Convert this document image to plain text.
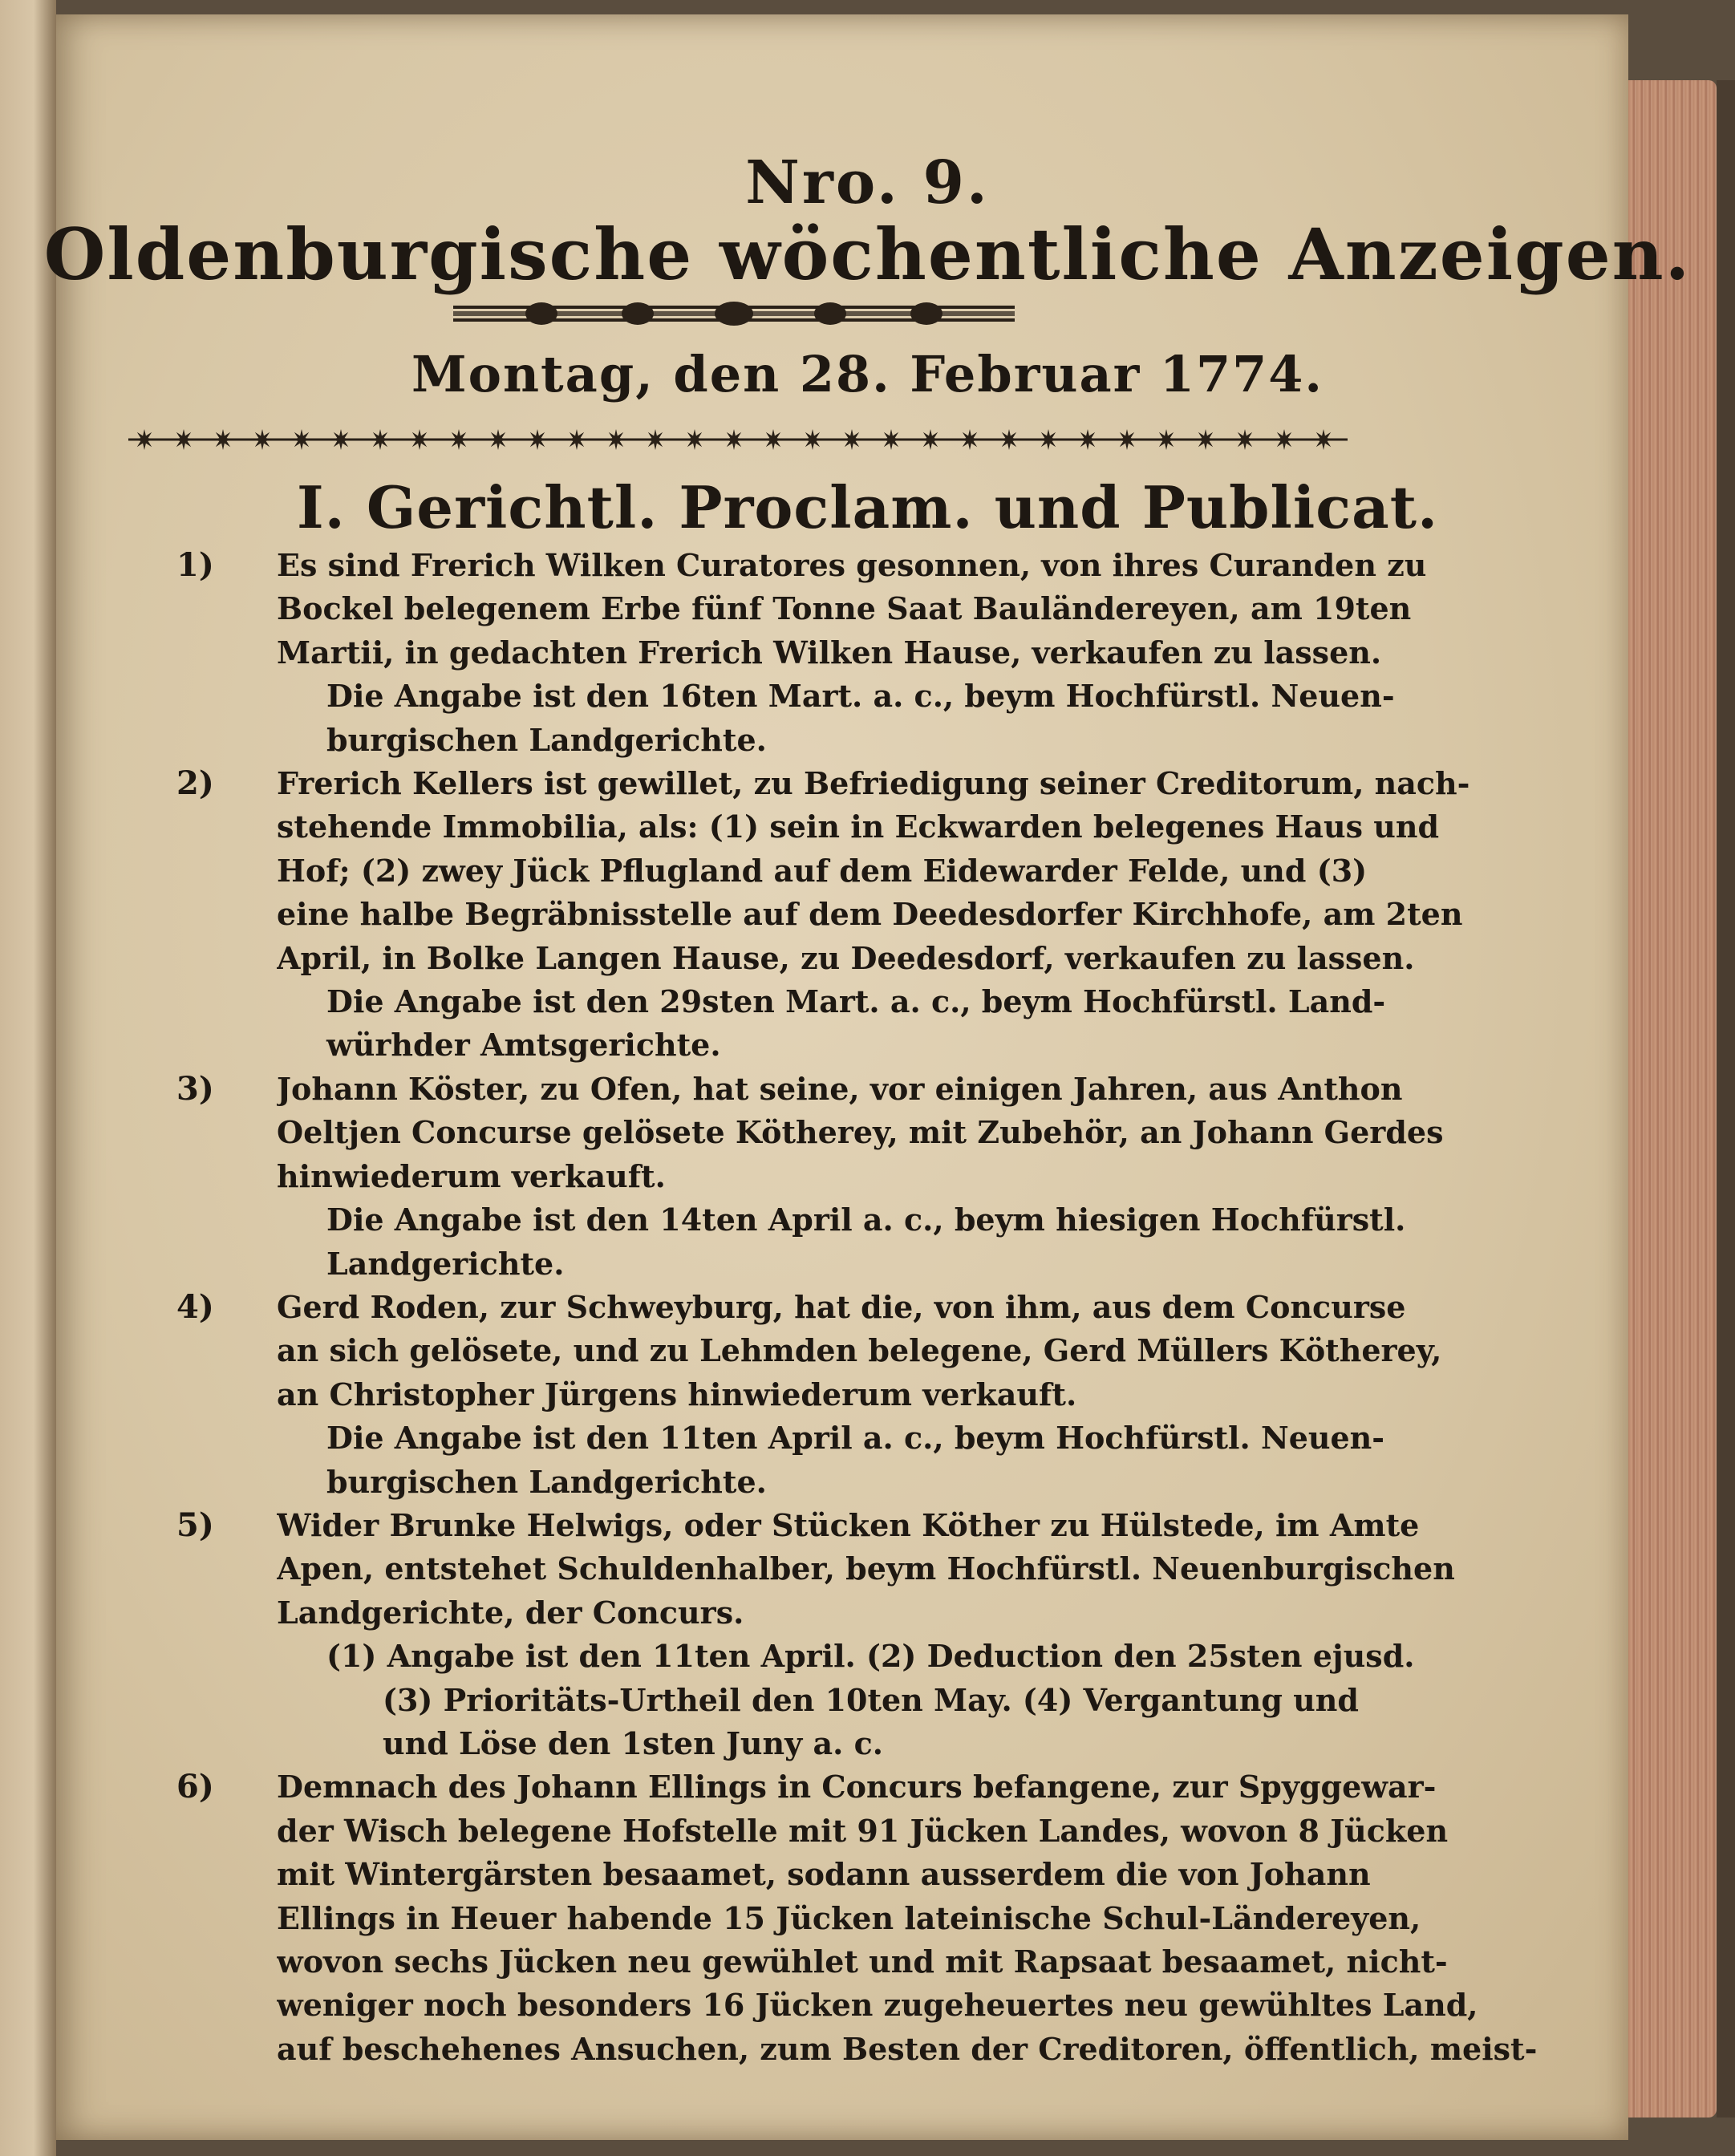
Nro. 9.
Oldenburgische wöchentliche Anzeigen.
Montag, den 28. Februar 1774.
I. Gerichtl. Proclam. und Publicat.
1)	Es sind Frerich Wilken Curatores gesonnen, von ihres Curanden zu
Bockel belegenem Erbe fünf Tonne Saat Bauländereyen, am 19ten
Martii, in gedachten Frerich Wilken Hause, verkaufen zu lassen.
Die Angabe ist den 16ten Mart. a. c., beym Hochfürstl. Neuen-
burgischen Landgerichte.
2)	Frerich Kellers ist gewillet, zu Befriedigung seiner Creditorum, nach-
stehende Immobilia, als: (1) sein in Eckwarden belegenes Haus und
Hof; (2) zwey Jück Pflugland auf dem Eidewarder Felde, und (3)
eine halbe Begräbnisstelle auf dem Deedesdorfer Kirchhofe, am 2ten
April, in Bolke Langen Hause, zu Deedesdorf, verkaufen zu lassen.
Die Angabe ist den 29sten Mart. a. c., beym Hochfürstl. Land-
würhder Amtsgerichte.
3)	Johann Köster, zu Ofen, hat seine, vor einigen Jahren, aus Anthon
Oeltjen Concurse gelösete Kötherey, mit Zubehör, an Johann Gerdes
hinwiederum verkauft.
Die Angabe ist den 14ten April a. c., beym hiesigen Hochfürstl.
Landgerichte.
4)	Gerd Roden, zur Schweyburg, hat die, von ihm, aus dem Concurse
an sich gelösete, und zu Lehmden belegene, Gerd Müllers Kötherey,
an Christopher Jürgens hinwiederum verkauft.
Die Angabe ist den 11ten April a. c., beym Hochfürstl. Neuen-
burgischen Landgerichte.
5)	Wider Brunke Helwigs, oder Stücken Köther zu Hülstede, im Amte
Apen, entstehet Schuldenhalber, beym Hochfürstl. Neuenburgischen
Landgerichte, der Concurs.
(1) Angabe ist den 11ten April. (2) Deduction den 25sten ejusd.
(3) Prioritäts-Urtheil den 10ten May. (4) Vergantung und
und Löse den 1sten Juny a. c.
6)	Demnach des Johann Ellings in Concurs befangene, zur Spyggewar-
der Wisch belegene Hofstelle mit 91 Jücken Landes, wovon 8 Jücken
mit Wintergärsten besaamet, sodann ausserdem die von Johann
Ellings in Heuer habende 15 Jücken lateinische Schul-Ländereyen,
wovon sechs Jücken neu gewühlet und mit Rapsaat besaamet, nicht-
weniger noch besonders 16 Jücken zugeheuertes neu gewühltes Land,
auf beschehenes Ansuchen, zum Besten der Creditoren, öffentlich, meist-
